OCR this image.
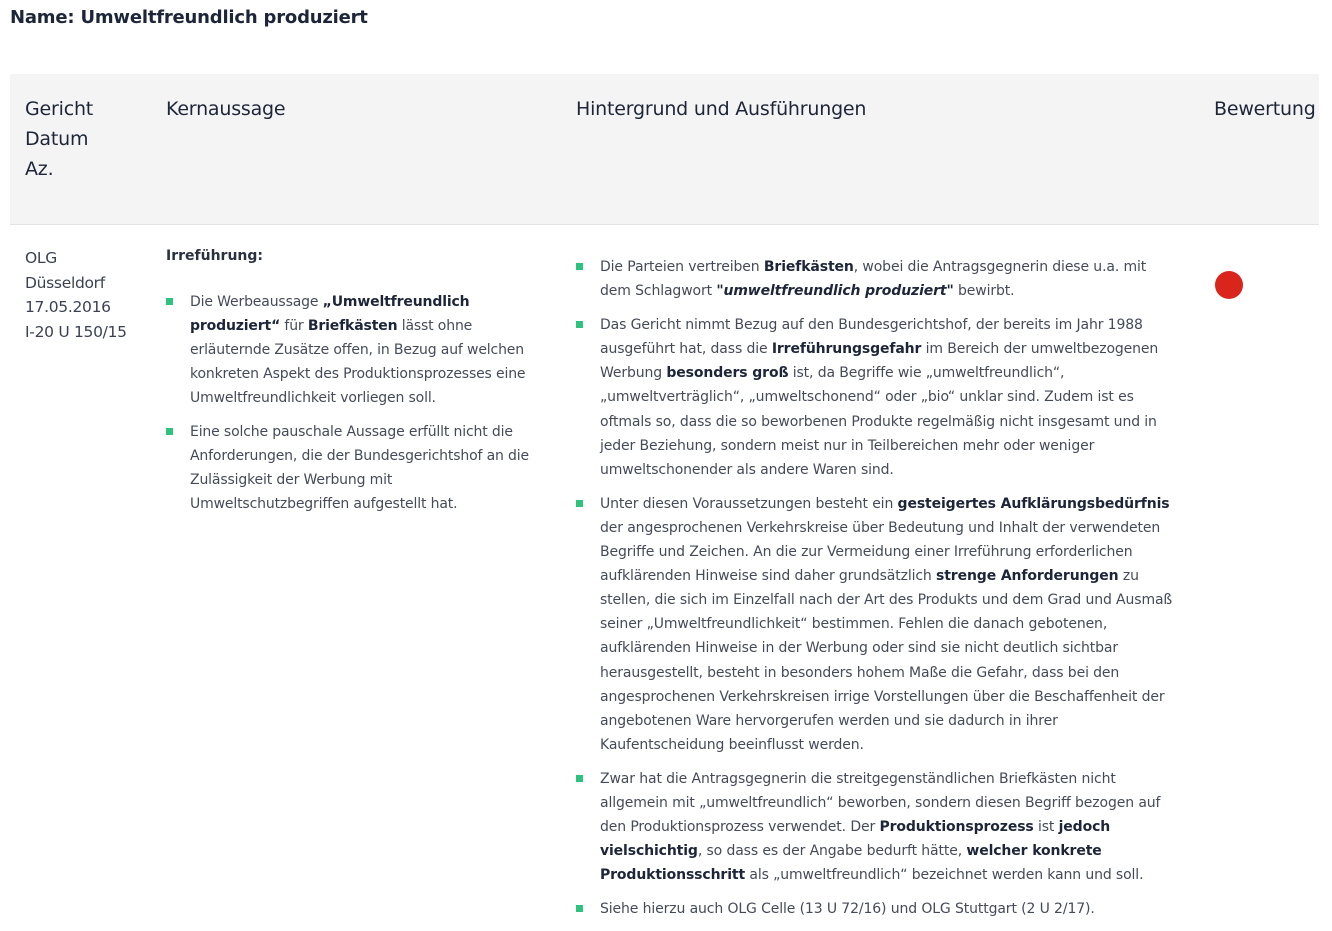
Name: Umweltfreundlich produziert
Gericht
Datum
Az.
Kernaussage	Hintergrund und Ausführungen	Bewertung
OLG
Düsseldorf
17.05.2016
I-20 U 150/15
Irreführung:
Die Werbeaussage „Umweltfreundlich produziert“ für Briefkästen lässt ohne erläuternde Zusätze offen, in Bezug auf welchen konkreten Aspekt des Produktionsprozesses eine Umweltfreundlichkeit vorliegen soll.
Eine solche pauschale Aussage erfüllt nicht die Anforderungen, die der Bundesgerichtshof an die Zulässigkeit der Werbung mit Umweltschutzbegriffen aufgestellt hat.
Die Parteien vertreiben Briefkästen, wobei die Antragsgegnerin diese u.a. mit dem Schlagwort "umweltfreundlich produziert" bewirbt.
Das Gericht nimmt Bezug auf den Bundesgerichtshof, der bereits im Jahr 1988 ausgeführt hat, dass die Irreführungsgefahr im Bereich der umweltbezogenen Werbung besonders groß ist, da Begriffe wie „umweltfreundlich“, „umweltverträglich“, „umweltschonend“ oder „bio“ unklar sind. Zudem ist es oftmals so, dass die so beworbenen Produkte regelmäßig nicht insgesamt und in jeder Beziehung, sondern meist nur in Teilbereichen mehr oder weniger umweltschonender als andere Waren sind.
Unter diesen Voraussetzungen besteht ein gesteigertes Aufklärungsbedürfnis der angesprochenen Verkehrskreise über Bedeutung und Inhalt der verwendeten Begriffe und Zeichen. An die zur Vermeidung einer Irreführung erforderlichen aufklärenden Hinweise sind daher grundsätzlich strenge Anforderungen zu stellen, die sich im Einzelfall nach der Art des Produkts und dem Grad und Ausmaß seiner „Umweltfreundlichkeit“ bestimmen. Fehlen die danach gebotenen, aufklärenden Hinweise in der Werbung oder sind sie nicht deutlich sichtbar herausgestellt, besteht in besonders hohem Maße die Gefahr, dass bei den angesprochenen Verkehrskreisen irrige Vorstellungen über die Beschaffenheit der angebotenen Ware hervorgerufen werden und sie dadurch in ihrer Kaufentscheidung beeinflusst werden.
Zwar hat die Antragsgegnerin die streitgegenständlichen Briefkästen nicht allgemein mit „umweltfreundlich“ beworben, sondern diesen Begriff bezogen auf den Produktionsprozess verwendet. Der Produktionsprozess ist jedoch vielschichtig, so dass es der Angabe bedurft hätte, welcher konkrete Produktionsschritt als „umweltfreundlich“ bezeichnet werden kann und soll.
Siehe hierzu auch OLG Celle (13 U 72/16) und OLG Stuttgart (2 U 2/17).
